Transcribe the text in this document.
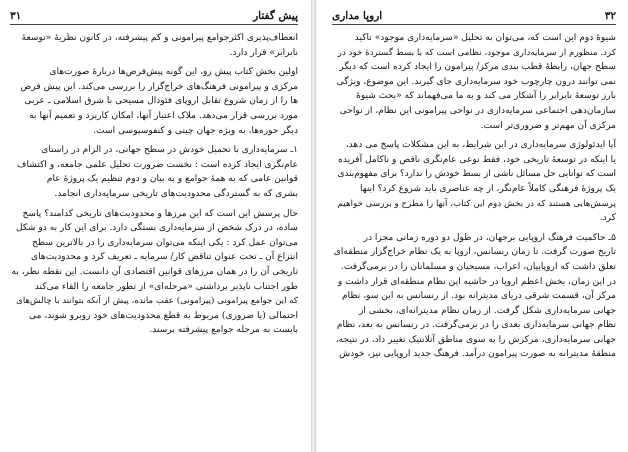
پیش گفتار
۳۱

انعطاف‌پذیری اکثرجوامع پیرامونی و کم پیشرفته، در کانون نظریهٔ «توسعهٔ
نابرابر» قرار دارد.

اولین بخش کتاب پیش رو، این گونه پیش‌فرض‌ها دربارهٔ صورت‌های
مرکزی و پیرامونی فرهنگ‌های خراج‌گزار را بررسی می‌کند. این پیش فرض
ها را از زمان شروع تقابل اروپای فئودال مسیحی با شرق اسلامی ـ عربی
مورد بررسی قرار می‌دهد. ملاک اعتبار آنها، امکان کاربرد و تعمیم آنها به
دیگر حوزه‌ها، به ویژه جهان چینی و کنفوسیوسی است.

۱ـ سرمایه‌داری با تحمیل خودش در سطح جهانی، در الزام در راستای
عام‌نگری ایجاد کرده است : نخست ضرورت تحلیل علمی جامعه، و اکتشاف
قوانین عامی که به همهٔ جوامع و به بیان و دوم تنظیم یک پروژهٔ عام
بشری که به گستردگی محدودیت‌های تاریخی سرمایه‌داری انجامد.

حال پرسش این است که این مرزها و محدودیت‌های تاریخی کدامند؟ پاسخ
ساده، در درک شخص از سرمایه‌داری بستگی دارد. برای این کار به دو شکل
می‌توان عمل کرد : یکی اینکه می‌توان سرمایه‌داری را در بالاترین سطح
انتزاع آن ـ تحت عنوان تناقض کار/ سرمایه ـ تعریف کرد و محدودیت‌های
تاریخی آن را در همان مرزهای قوانین اقتصادی آن دانست. این نقطه نظر، به
طور اجتناب ناپذیر برداشتی «مرحله‌ای» از تطور جامعه را القاء می‌کند
که این جوامع پیرامونی (پیرامونی) عقب مانده، پیش از آنکه بتوانند با چالش‌های
احتمالی (یا ضروری) مربوط به قطع محدودیت‌های خود روبرو شوند، می
بایست به مرحله جوامع پیشرفته برسند.

۳۲
اروپا مداری

شیوهٔ دوم این است که، می‌توان به تحلیل «سرمایه‌داری موجود» تاکید
کرد. منظورم از سرمایه‌داری موجود، نظامی است که با بسط گستردهٔ خود در
سطح جهان، رابطهٔ قطب بندی مرکز/ پیرامون را ایجاد کرده است که دیگر
نمی توانند درون چارچوب خود سرمایه‌داری جای گیرند. این موضوع، ویژگی
بارز توسعهٔ نابرابر را آشکار می کند و به ما می‌فهماند که «بحث شیوهٔ
سازمان‌دهی اجتماعی سرمایه‌داری در نواحی پیرامونی این نظام، از نواحی
مرکزی آن مهم‌تر و ضروری‌تر است.

آیا ایدئولوژی سرمایه‌داری در این شرایط، به این مشکلات پاسخ می دهد،
یا اینکه در توسعهٔ تاریخی خود، فقط نوعی عام‌نگری ناقص و ناکامل آفریده
است که توانایی حل مسائل ناشی از بسط خودش را ندارد؟ برای مفهوم‌بندی
یک پروژهٔ فرهنگی کاملاً عام‌نگر، از چه عناصری باید شروع کرد؟ اینها
پرسش‌هایی هستند که در بخش دوم این کتاب، آنها را مطرح و بررسی خواهیم
کرد.

۵ـ حاکمیت فرهنگ اروپایی برجهان، در طول دو دوره زمانی مجزا در
تاریخ صورت گرفت. تا زمان رنسانس، اروپا به یک نظام خراج‌گزار منطقه‌ای
تعلق داشت که اروپاییان، اعراب، مسیحیان و مسلمانان را در برمی‌گرفت.
در این زمان، بخش اعظم اروپا در حاشیه این نظام منطقه‌ای قرار داشت و
مرکز آن، قسمت شرقی دریای مدیترانه بود. از رنسانس به این سو، نظام
جهانی سرمایه‌داری شکل گرفت. از زمان نظام مدیترانه‌ای، بخشی از
نظام جهانی سرمایه‌داری بعدی را در برمی‌گرفت. در رنسانس به بعد، نظام
جهانی سرمایه‌داری، مرکزش را به سوی مناطق آتلانتیک تغییر داد، در نتیجه،
منطقهٔ مدیترانه به صورت پیرامون درآمد. فرهنگ جدید اروپایی نیز، خودش
